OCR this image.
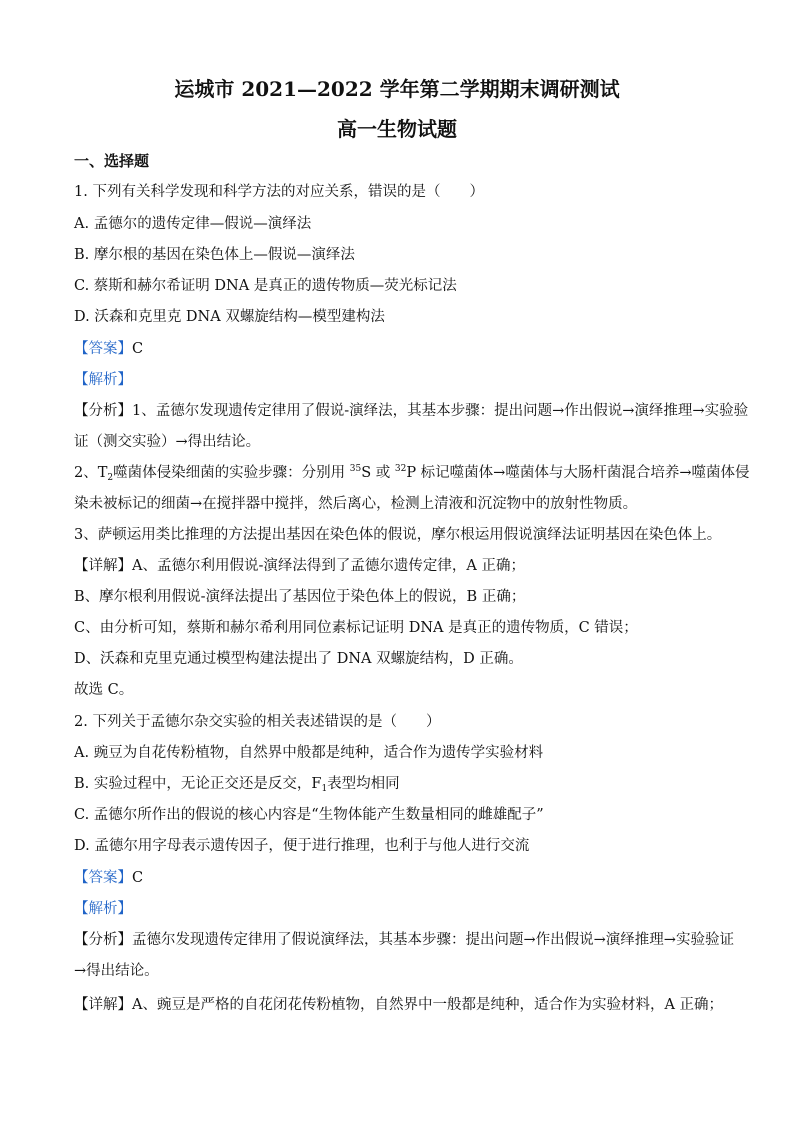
运城市 2021—2022 学年第二学期期末调研测试
高一生物试题
一、选择题
1. 下列有关科学发现和科学方法的对应关系，错误的是（　　）
A. 孟德尔的遗传定律—假说—演绎法
B. 摩尔根的基因在染色体上—假说—演绎法
C. 蔡斯和赫尔希证明 DNA 是真正的遗传物质—荧光标记法
D. 沃森和克里克 DNA 双螺旋结构—模型建构法
【答案】C
【解析】
【分析】1、孟德尔发现遗传定律用了假说-演绎法，其基本步骤：提出问题→作出假说→演绎推理→实验验
证（测交实验）→得出结论。
2、$T_2$噬菌体侵染细菌的实验步骤：分别用 $^{35}$S 或 $^{32}$P 标记噬菌体→噬菌体与大肠杆菌混合培养→噬菌体侵
染未被标记的细菌→在搅拌器中搅拌，然后离心，检测上清液和沉淀物中的放射性物质。
3、萨顿运用类比推理的方法提出基因在染色体的假说，摩尔根运用假说演绎法证明基因在染色体上。
【详解】A、孟德尔利用假说-演绎法得到了孟德尔遗传定律，A 正确；
B、摩尔根利用假说-演绎法提出了基因位于染色体上的假说，B 正确；
C、由分析可知，蔡斯和赫尔希利用同位素标记证明 DNA 是真正的遗传物质，C 错误；
D、沃森和克里克通过模型构建法提出了 DNA 双螺旋结构，D 正确。
故选 C。
2. 下列关于孟德尔杂交实验的相关表述错误的是（　　）
A. 豌豆为自花传粉植物，自然界中般都是纯种，适合作为遗传学实验材料
B. 实验过程中，无论正交还是反交，$F_1$表型均相同
C. 孟德尔所作出的假说的核心内容是“生物体能产生数量相同的雌雄配子”
D. 孟德尔用字母表示遗传因子，便于进行推理，也利于与他人进行交流
【答案】C
【解析】
【分析】孟德尔发现遗传定律用了假说演绎法，其基本步骤：提出问题→作出假说→演绎推理→实验验证
→得出结论。
【详解】A、豌豆是严格的自花闭花传粉植物，自然界中一般都是纯种，适合作为实验材料，A 正确；
